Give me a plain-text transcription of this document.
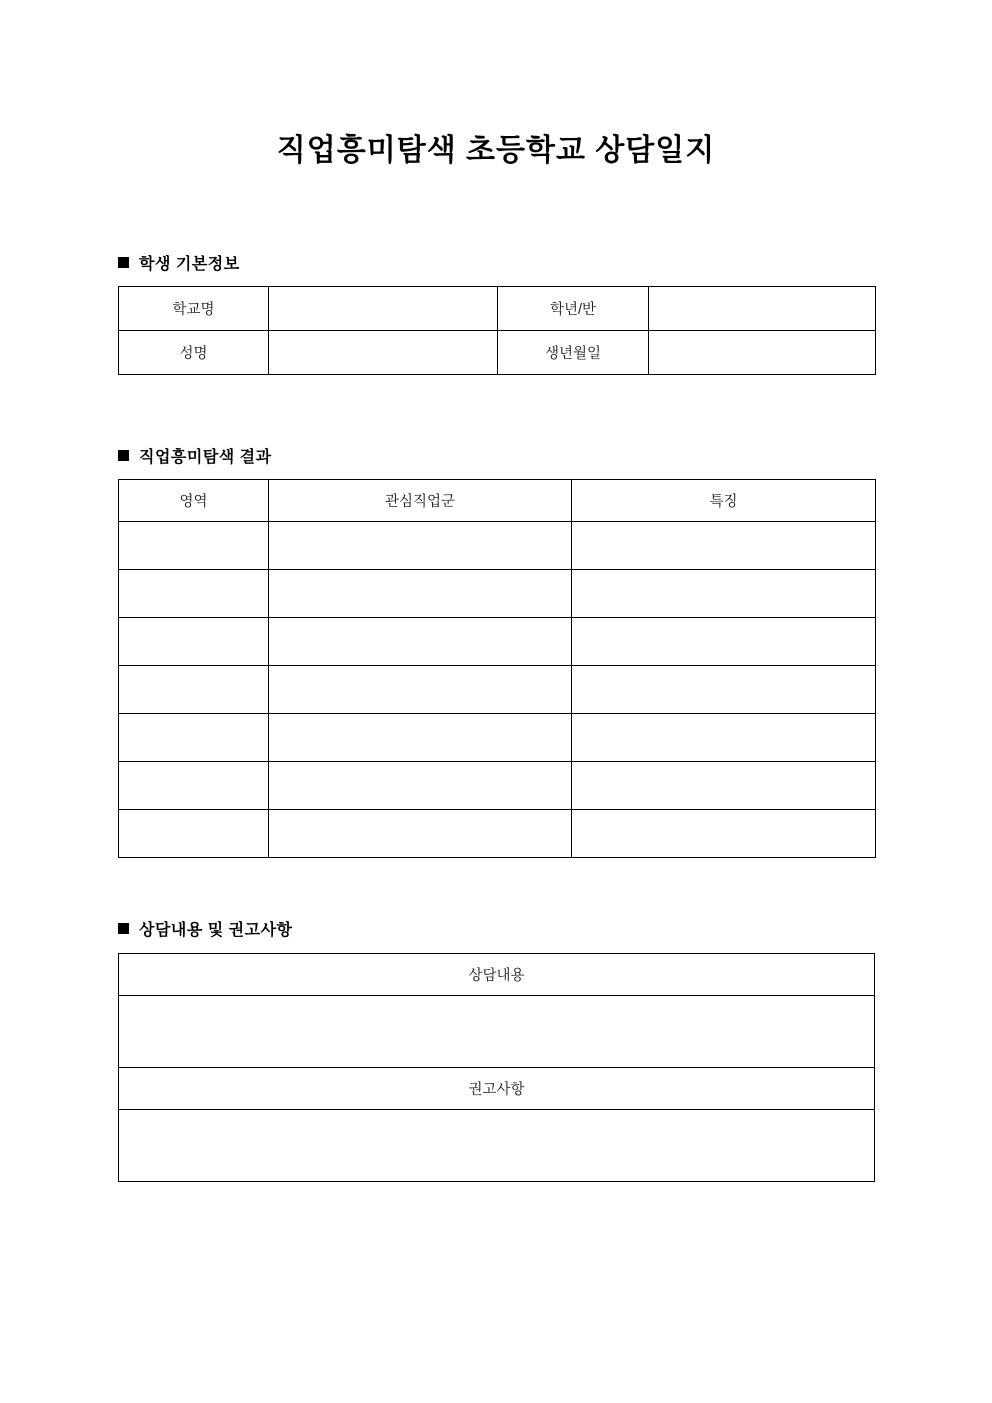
직업흥미탐색 초등학교 상담일지
학생 기본정보
학교명		학년/반	
성명		생년월일	
직업흥미탐색 결과
영역	관심직업군	특징

상담내용 및 권고사항
상담내용

권고사항
